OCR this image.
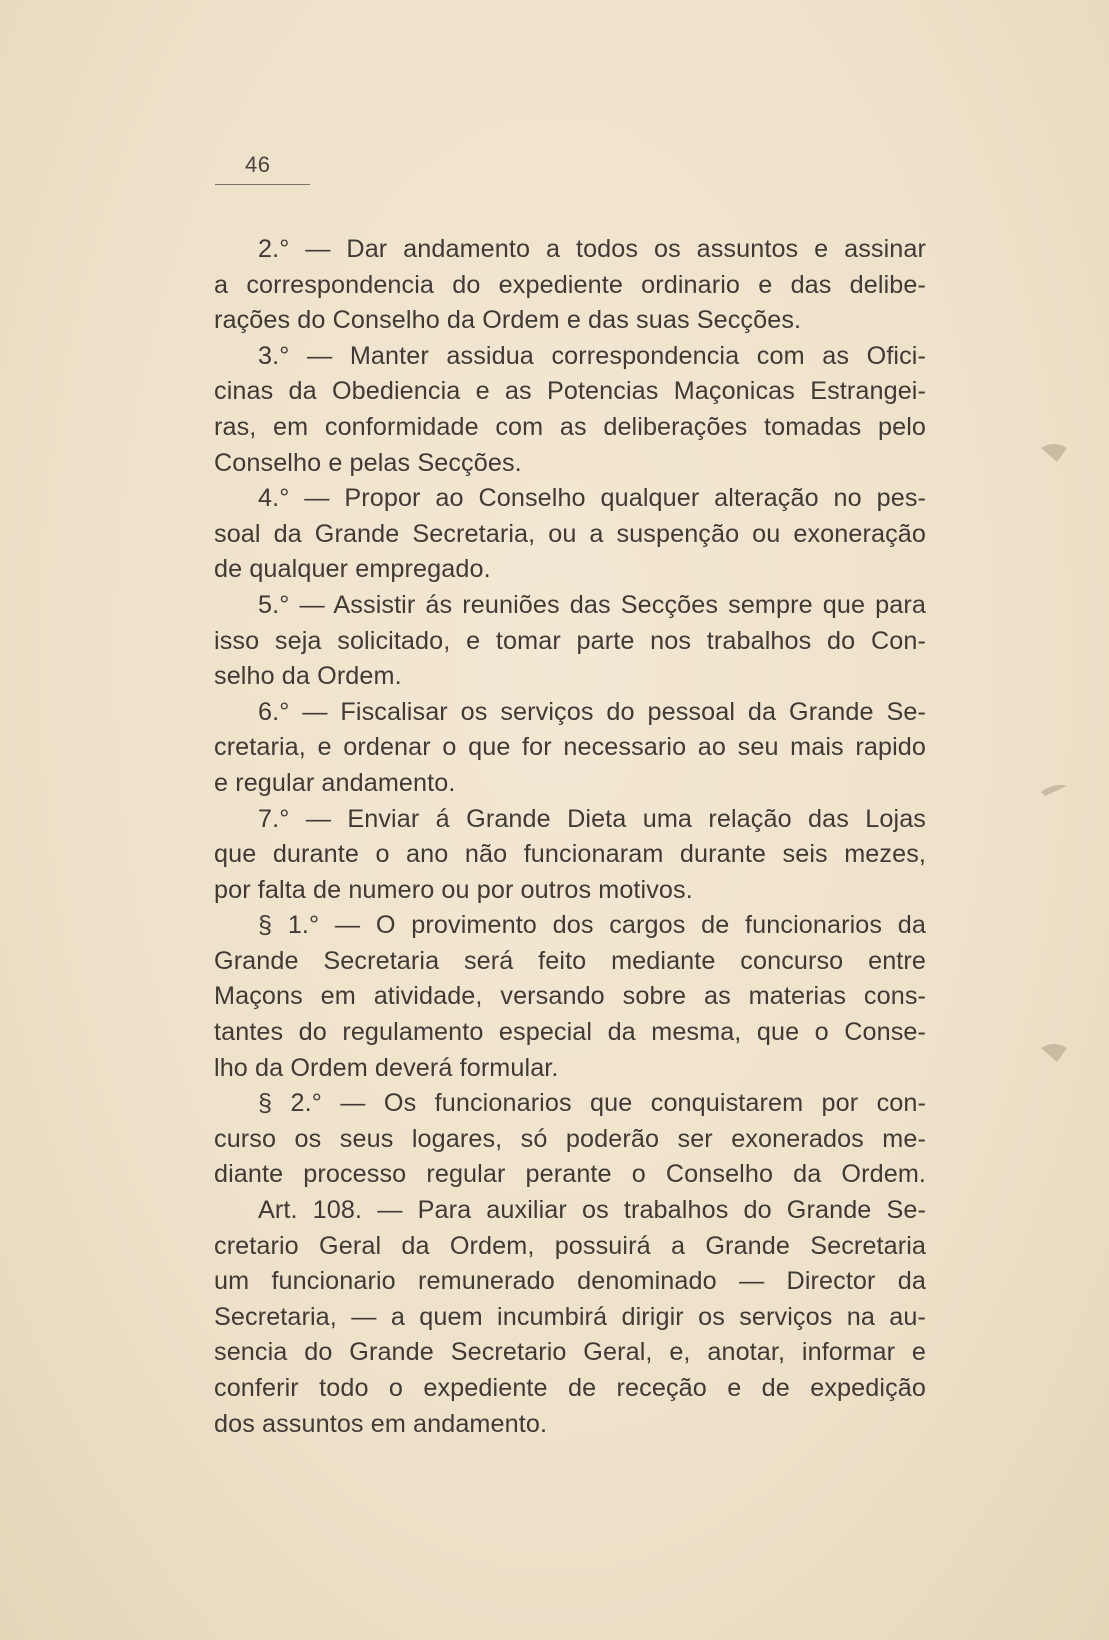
46
2.° — Dar andamento a todos os assuntos e assinar
a correspondencia do expediente ordinario e das delibe-
rações do Conselho da Ordem e das suas Secções.
3.° — Manter assidua correspondencia com as Ofici-
cinas da Obediencia e as Potencias Maçonicas Estrangei-
ras, em conformidade com as deliberações tomadas pelo
Conselho e pelas Secções.
4.° — Propor ao Conselho qualquer alteração no pes-
soal da Grande Secretaria, ou a suspenção ou exoneração
de qualquer empregado.
5.° — Assistir ás reuniões das Secções sempre que para
isso seja solicitado, e tomar parte nos trabalhos do Con-
selho da Ordem.
6.° — Fiscalisar os serviços do pessoal da Grande Se-
cretaria, e ordenar o que for necessario ao seu mais rapido
e regular andamento.
7.° — Enviar á Grande Dieta uma relação das Lojas
que durante o ano não funcionaram durante seis mezes,
por falta de numero ou por outros motivos.
§ 1.° — O provimento dos cargos de funcionarios da
Grande Secretaria será feito mediante concurso entre
Maçons em atividade, versando sobre as materias cons-
tantes do regulamento especial da mesma, que o Conse-
lho da Ordem deverá formular.
§ 2.° — Os funcionarios que conquistarem por con-
curso os seus logares, só poderão ser exonerados me-
diante processo regular perante o Conselho da Ordem.
Art. 108. — Para auxiliar os trabalhos do Grande Se-
cretario Geral da Ordem, possuirá a Grande Secretaria
um funcionario remunerado denominado — Director da
Secretaria, — a quem incumbirá dirigir os serviços na au-
sencia do Grande Secretario Geral, e, anotar, informar e
conferir todo o expediente de receção e de expedição
dos assuntos em andamento.
